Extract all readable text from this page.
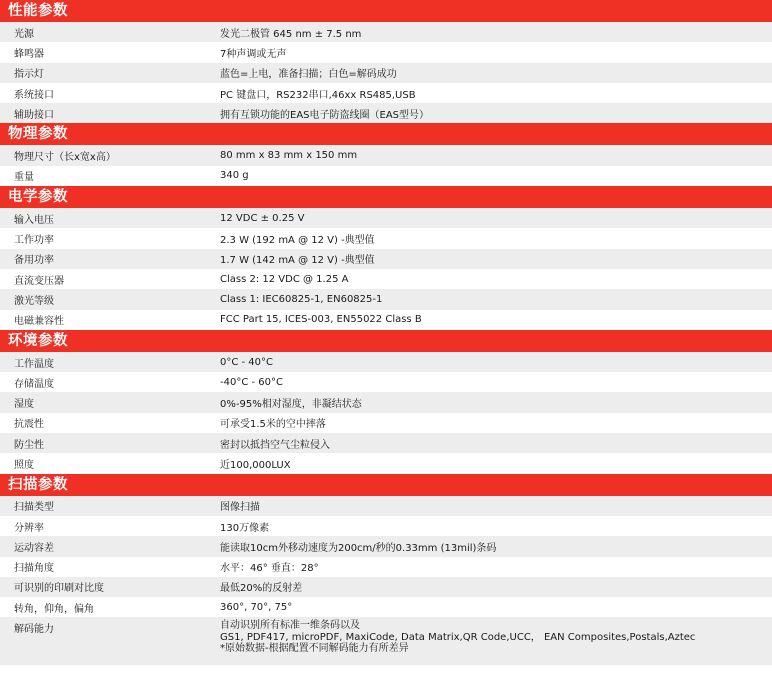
性能参数
光源	发光二极管 645 nm ± 7.5 nm
蜂鸣器	7种声调或无声
指示灯	蓝色=上电，准备扫描；白色=解码成功
系统接口	PC 键盘口，RS232串口,46xx RS485,USB
辅助接口	拥有互锁功能的EAS电子防盗线圈（EAS型号）
物理参数
物理尺寸（长x宽x高）	80 mm x 83 mm x 150 mm
重量	340 g
电学参数
输入电压	12 VDC ± 0.25 V
工作功率	2.3 W (192 mA @ 12 V) -典型值
备用功率	1.7 W (142 mA @ 12 V) -典型值
直流变压器	Class 2: 12 VDC @ 1.25 A
激光等级	Class 1: IEC60825-1, EN60825-1
电磁兼容性	FCC Part 15, ICES-003, EN55022 Class B
环境参数
工作温度	0°C - 40°C
存储温度	-40°C - 60°C
湿度	0%-95%相对湿度，非凝结状态
抗震性	可承受1.5米的空中摔落
防尘性	密封以抵挡空气尘粒侵入
照度	近100,000LUX
扫描参数
扫描类型	图像扫描
分辨率	130万像素
运动容差	能读取10cm外移动速度为200cm/秒的0.33mm (13mil)条码
扫描角度	水平：46° 垂直：28°
可识别的印刷对比度	最低20%的反射差
转角，仰角，偏角	360°, 70°, 75°
解码能力	自动识别所有标准一维条码以及
GS1, PDF417, microPDF, MaxiCode, Data Matrix,QR Code,UCC， EAN Composites,Postals,Aztec
*原始数据-根据配置不同解码能力有所差异
